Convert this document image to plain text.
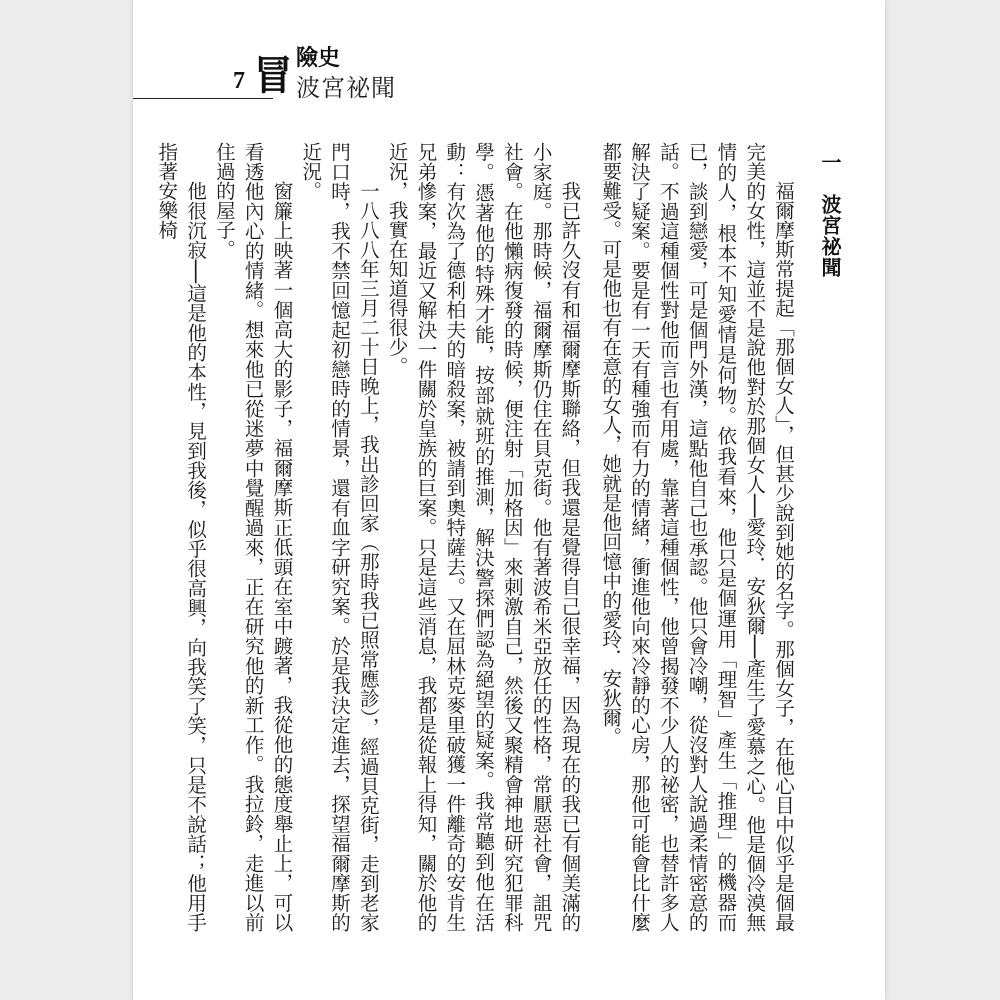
7 冒 險史
波宮祕聞
一　波宮祕聞

福爾摩斯常提起「那個女人」，但甚少說到她的名字。那個女子，在他心目中似乎是個最完美的女性，這並不是說他對於那個女人──愛玲．安狄爾──產生了愛慕之心。他是個冷漠無情的人，根本不知愛情是何物。依我看來，他只是個運用「理智」產生「推理」的機器而已，談到戀愛，可是個門外漢，這點他自己也承認。他只會冷嘲，從沒對人說過柔情密意的話。不過這種個性對他而言也有用處，靠著這種個性，他曾揭發不少人的祕密，也替許多人解決了疑案。要是有一天有種強而有力的情緒，衝進他向來冷靜的心房，那他可能會比什麼都要難受。可是他也有在意的女人，她就是他回憶中的愛玲．安狄爾。

我已許久沒有和福爾摩斯聯絡，但我還是覺得自己很幸福，因為現在的我已有個美滿的小家庭。那時候，福爾摩斯仍住在貝克街。他有著波希米亞放任的性格，常厭惡社會，詛咒社會。在他懶病復發的時候，便注射「加格因」來刺激自己，然後又聚精會神地研究犯罪科學。憑著他的特殊才能，按部就班的推測，解決警探們認為絕望的疑案。我常聽到他在活動：有次為了德利柏夫的暗殺案，被請到奧特薩去。又在屈林克麥里破獲一件離奇的安肯生兄弟慘案，最近又解決一件關於皇族的巨案。只是這些消息，我都是從報上得知，關於他的近況，我實在知道得很少。

一八八八年三月二十日晚上，我出診回家（那時我已照常應診），經過貝克街，走到老家門口時，我不禁回憶起初戀時的情景，還有血字研究案。於是我決定進去，探望福爾摩斯的近況。

窗簾上映著一個高大的影子，福爾摩斯正低頭在室中踱著，我從他的態度舉止上，可以看透他內心的情緒。想來他已從迷夢中覺醒過來，正在研究他的新工作。我拉鈴，走進以前住過的屋子。

他很沉寂──這是他的本性，見到我後，似乎很高興，向我笑了笑，只是不說話；他用手指著安樂椅
